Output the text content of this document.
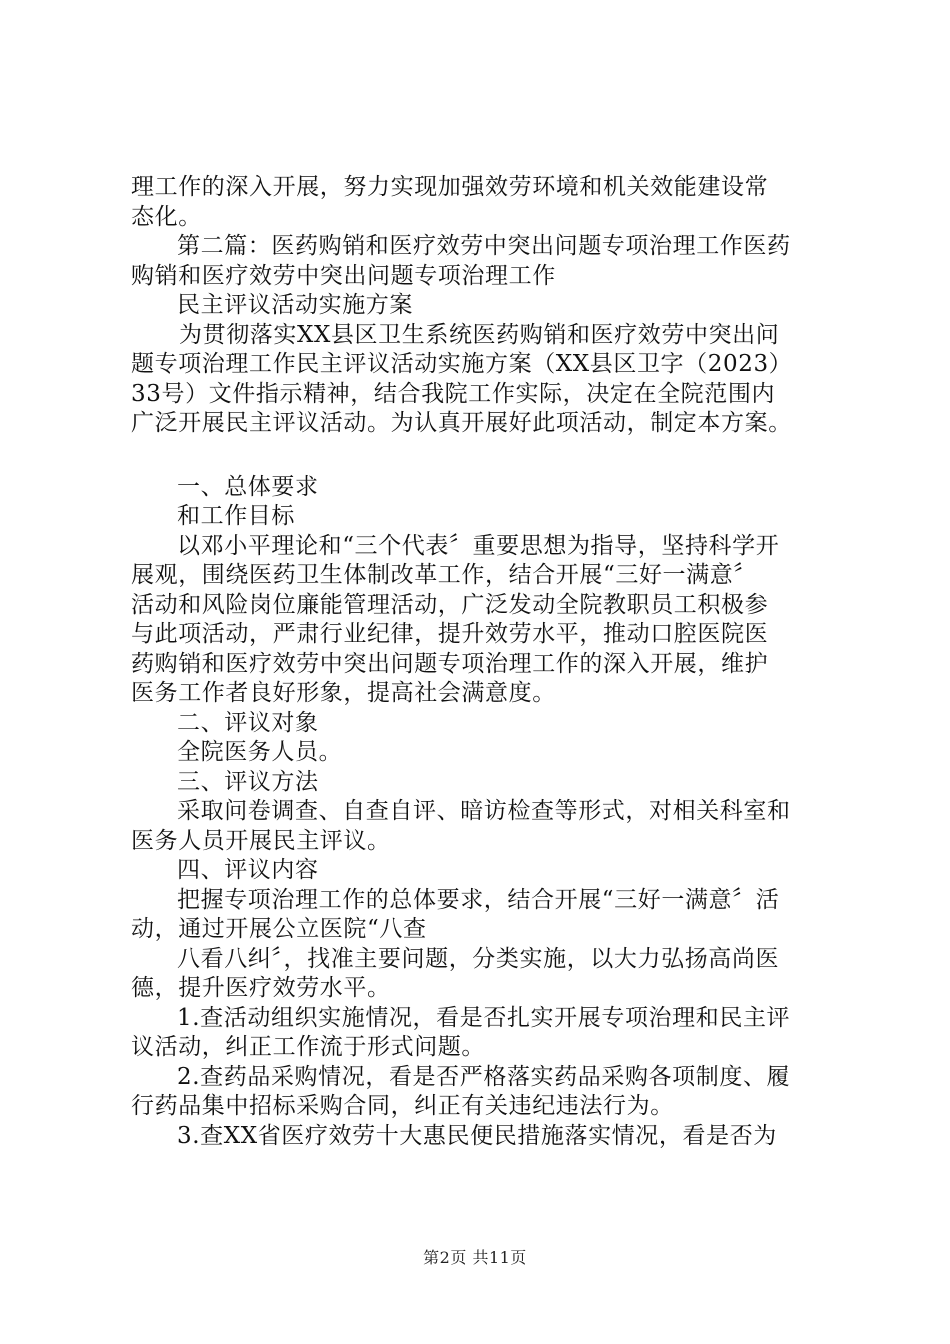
理工作的深入开展，努力实现加强效劳环境和机关效能建设常
态化。
第二篇：医药购销和医疗效劳中突出问题专项治理工作医药
购销和医疗效劳中突出问题专项治理工作
民主评议活动实施方案
为贯彻落实XX县区卫生系统医药购销和医疗效劳中突出问
题专项治理工作民主评议活动实施方案（XX县区卫字（2023）
33号）文件指示精神，结合我院工作实际，决定在全院范围内
广泛开展民主评议活动。为认真开展好此项活动，制定本方案。
一、总体要求
和工作目标
以邓小平理论和“三个代表〞重要思想为指导，坚持科学开
展观，围绕医药卫生体制改革工作，结合开展“三好一满意〞
活动和风险岗位廉能管理活动，广泛发动全院教职员工积极参
与此项活动，严肃行业纪律，提升效劳水平，推动口腔医院医
药购销和医疗效劳中突出问题专项治理工作的深入开展，维护
医务工作者良好形象，提高社会满意度。
二、评议对象
全院医务人员。
三、评议方法
采取问卷调查、自查自评、暗访检查等形式，对相关科室和
医务人员开展民主评议。
四、评议内容
把握专项治理工作的总体要求，结合开展“三好一满意〞活
动，通过开展公立医院“八查
八看八纠〞，找准主要问题，分类实施，以大力弘扬高尚医
德，提升医疗效劳水平。
1.查活动组织实施情况，看是否扎实开展专项治理和民主评
议活动，纠正工作流于形式问题。
2.查药品采购情况，看是否严格落实药品采购各项制度、履
行药品集中招标采购合同，纠正有关违纪违法行为。
3.查XX省医疗效劳十大惠民便民措施落实情况，看是否为
第2页 共11页
